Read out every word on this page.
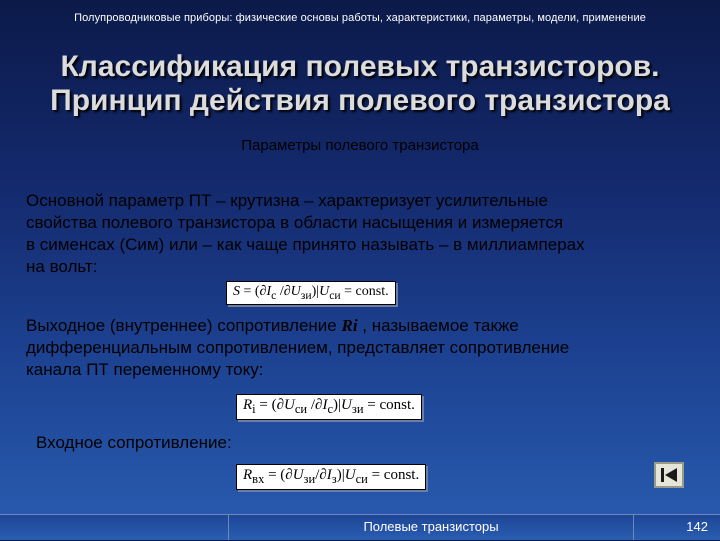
Полупроводниковые приборы: физические основы работы, характеристики, параметры, модели, применение
Классификация полевых транзисторов.
Принцип действия полевого транзистора
Параметры полевого транзистора
Основной параметр ПТ – крутизна – характеризует усилительные
свойства полевого транзистора в области насыщения и измеряется
в сименсах (Сим) или – как чаще принято называть – в миллиамперах
на вольт:
$S = (\partial I_c$ $/\partial U_{зи})|U_{си}$ = const.
Выходное (внутреннее) сопротивление Ri , называемое также
дифференциальным сопротивлением, представляет сопротивление
канала ПТ переменному току:
$R_i = (\partial U_{си}$ $/\partial I_c)|U_{зи}$ = const.
Входное сопротивление:
$R_{вх} = (\partial U_{зи}/\partial I_з)|U_{си}$ = const.
Полевые транзисторы	142
